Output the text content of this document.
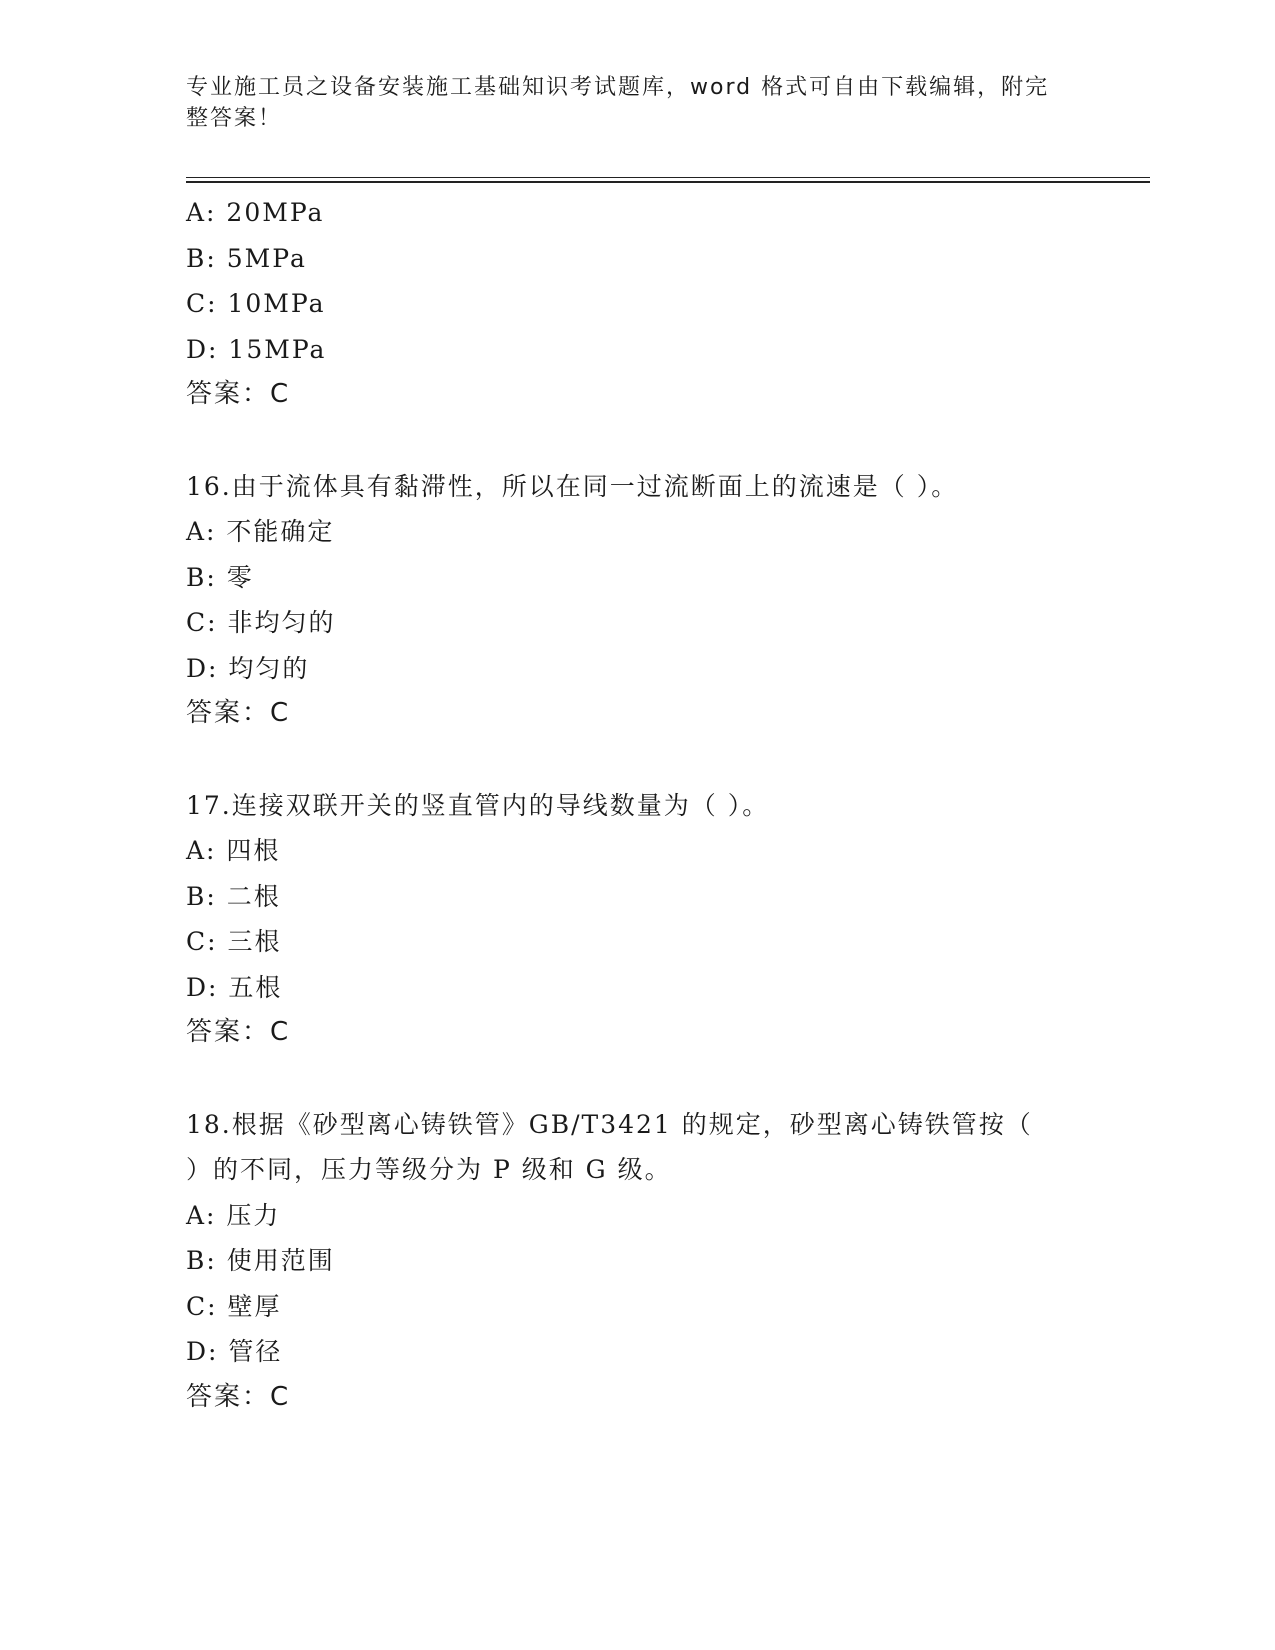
专业施工员之设备安装施工基础知识考试题库，word 格式可自由下载编辑，附完
整答案！

A: 20MPa

B: 5MPa

C: 10MPa

D: 15MPa

答案：C

16.由于流体具有黏滞性，所以在同一过流断面上的流速是（ ）。

A: 不能确定

B: 零

C: 非均匀的

D: 均匀的

答案：C

17.连接双联开关的竖直管内的导线数量为（ ）。

A: 四根

B: 二根

C: 三根

D: 五根

答案：C

18.根据《砂型离心铸铁管》GB/T3421 的规定，砂型离心铸铁管按（

）的不同，压力等级分为 P 级和 G 级。

A: 压力

B: 使用范围

C: 壁厚

D: 管径

答案：C
